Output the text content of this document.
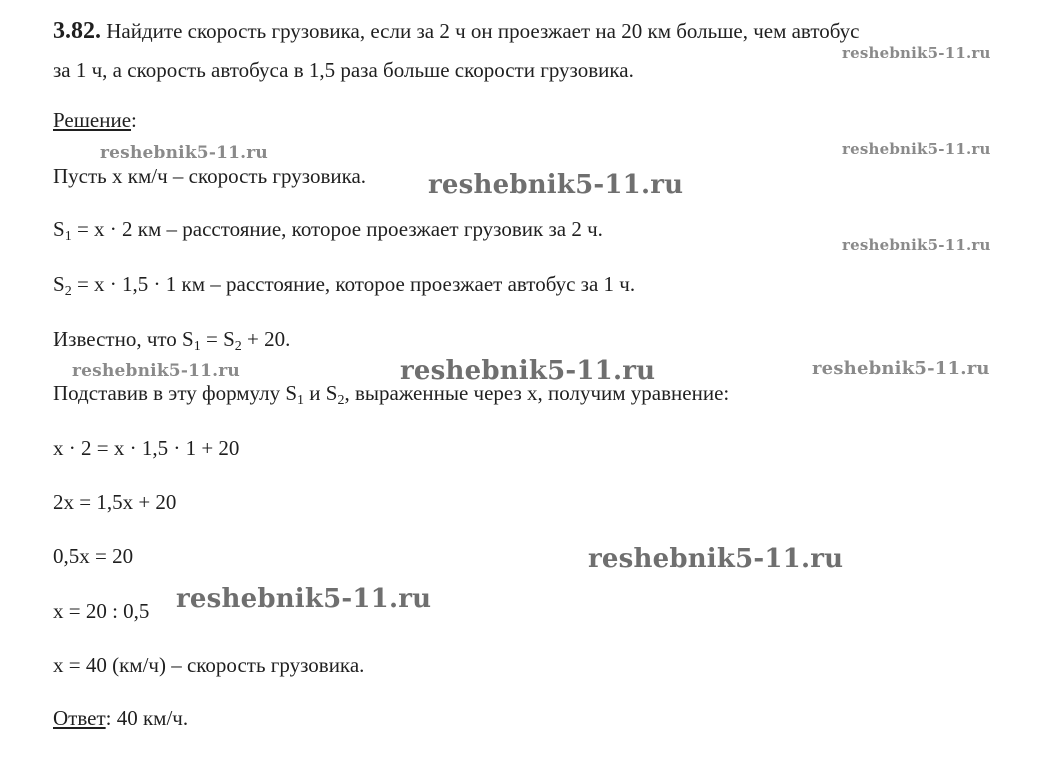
3.82. Найдите скорость грузовика, если за 2 ч он проезжает на 20 км больше, чем автобус
за 1 ч, а скорость автобуса в 1,5 раза больше скорости грузовика.
Решение:
Пусть x км/ч – скорость грузовика.
$S_1 = x \cdot 2$ км – расстояние, которое проезжает грузовик за 2 ч.
$S_2 = x \cdot 1,5 \cdot 1$ км – расстояние, которое проезжает автобус за 1 ч.
Известно, что $S_1 = S_2 + 20$.
Подставив в эту формулу $S_1$ и $S_2$, выраженные через x, получим уравнение:
x · 2 = x · 1,5 · 1 + 20
2x = 1,5x + 20
0,5x = 20
x = 20 : 0,5
x = 40 (км/ч) – скорость грузовика.
Ответ: 40 км/ч.
reshebnik5-11.ru
reshebnik5-11.ru	reshebnik5-11.ru
reshebnik5-11.ru
reshebnik5-11.ru
reshebnik5-11.ru	reshebnik5-11.ru	reshebnik5-11.ru
reshebnik5-11.ru
reshebnik5-11.ru
